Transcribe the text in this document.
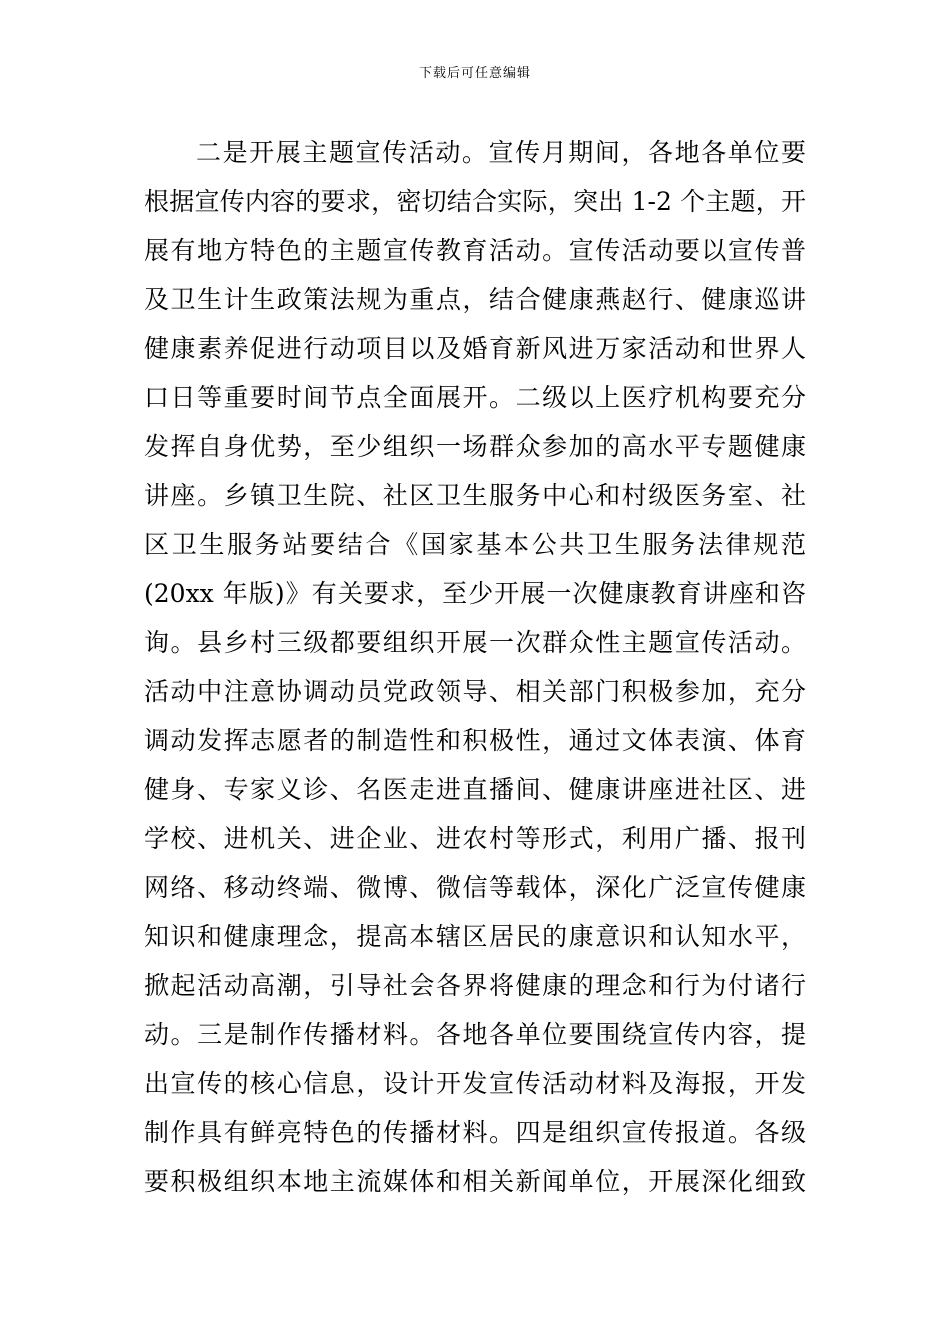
下载后可任意编辑
二是开展主题宣传活动。宣传月期间，各地各单位要
根据宣传内容的要求，密切结合实际，突出 1-2 个主题，开
展有地方特色的主题宣传教育活动。宣传活动要以宣传普
及卫生计生政策法规为重点，结合健康燕赵行、健康巡讲
健康素养促进行动项目以及婚育新风进万家活动和世界人
口日等重要时间节点全面展开。二级以上医疗机构要充分
发挥自身优势，至少组织一场群众参加的高水平专题健康
讲座。乡镇卫生院、社区卫生服务中心和村级医务室、社
区卫生服务站要结合《国家基本公共卫生服务法律规范
(20xx 年版)》有关要求，至少开展一次健康教育讲座和咨
询。县乡村三级都要组织开展一次群众性主题宣传活动。
活动中注意协调动员党政领导、相关部门积极参加，充分
调动发挥志愿者的制造性和积极性，通过文体表演、体育
健身、专家义诊、名医走进直播间、健康讲座进社区、进
学校、进机关、进企业、进农村等形式，利用广播、报刊
网络、移动终端、微博、微信等载体，深化广泛宣传健康
知识和健康理念，提高本辖区居民的康意识和认知水平，
掀起活动高潮，引导社会各界将健康的理念和行为付诸行
动。三是制作传播材料。各地各单位要围绕宣传内容，提
出宣传的核心信息，设计开发宣传活动材料及海报，开发
制作具有鲜亮特色的传播材料。四是组织宣传报道。各级
要积极组织本地主流媒体和相关新闻单位，开展深化细致
